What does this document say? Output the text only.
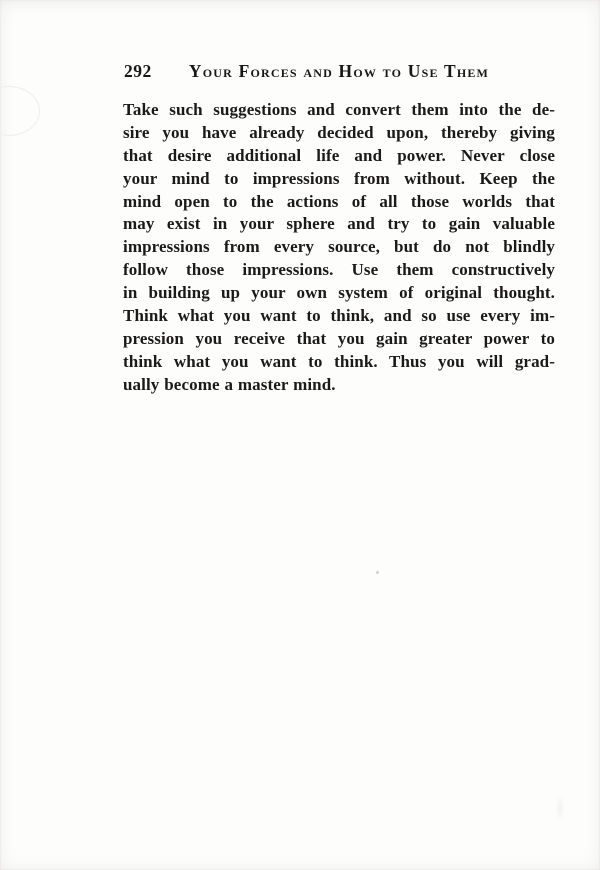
292	Your Forces and How to Use Them
Take such suggestions and convert them into the de-
sire you have already decided upon, thereby giving
that desire additional life and power. Never close
your mind to impressions from without. Keep the
mind open to the actions of all those worlds that
may exist in your sphere and try to gain valuable
impressions from every source, but do not blindly
follow those impressions. Use them constructively
in building up your own system of original thought.
Think what you want to think, and so use every im-
pression you receive that you gain greater power to
think what you want to think. Thus you will grad-
ually become a master mind.
